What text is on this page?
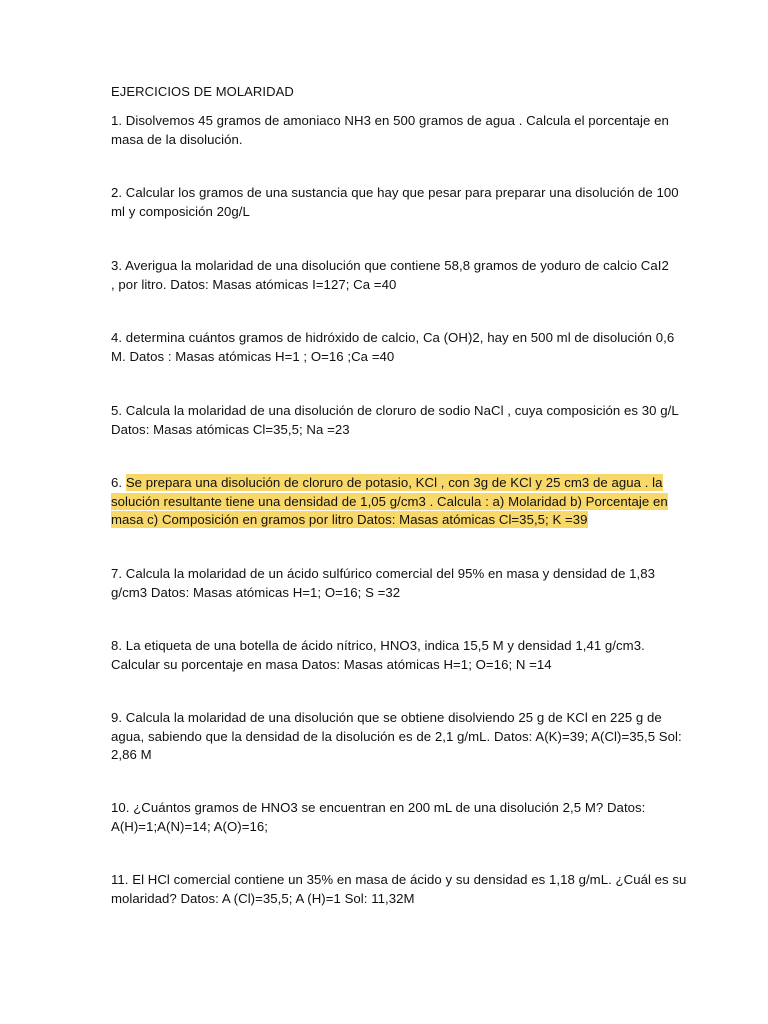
EJERCICIOS DE MOLARIDAD
1. Disolvemos 45 gramos de amoniaco NH3 en 500 gramos de agua . Calcula el porcentaje en
masa de la disolución.
2. Calcular los gramos de una sustancia que hay que pesar para preparar una disolución de 100
ml y composición 20g/L
3. Averigua la molaridad de una disolución que contiene 58,8 gramos de yoduro de calcio CaI2
, por litro. Datos: Masas atómicas I=127; Ca =40
4. determina cuántos gramos de hidróxido de calcio, Ca (OH)2, hay en 500 ml de disolución 0,6
M. Datos : Masas atómicas H=1 ; O=16 ;Ca =40
5. Calcula la molaridad de una disolución de cloruro de sodio NaCl , cuya composición es 30 g/L
Datos: Masas atómicas Cl=35,5; Na =23
6. Se prepara una disolución de cloruro de potasio, KCl , con 3g de KCl y 25 cm3 de agua . la
solución resultante tiene una densidad de 1,05 g/cm3 . Calcula : a) Molaridad b) Porcentaje en
masa c) Composición en gramos por litro Datos: Masas atómicas Cl=35,5; K =39
7. Calcula la molaridad de un ácido sulfúrico comercial del 95% en masa y densidad de 1,83
g/cm3 Datos: Masas atómicas H=1; O=16; S =32
8. La etiqueta de una botella de ácido nítrico, HNO3, indica 15,5 M y densidad 1,41 g/cm3.
Calcular su porcentaje en masa Datos: Masas atómicas H=1; O=16; N =14
9. Calcula la molaridad de una disolución que se obtiene disolviendo 25 g de KCl en 225 g de
agua, sabiendo que la densidad de la disolución es de 2,1 g/mL. Datos: A(K)=39; A(Cl)=35,5 Sol:
2,86 M
10. ¿Cuántos gramos de HNO3 se encuentran en 200 mL de una disolución 2,5 M? Datos:
A(H)=1;A(N)=14; A(O)=16;
11. El HCl comercial contiene un 35% en masa de ácido y su densidad es 1,18 g/mL. ¿Cuál es su
molaridad? Datos: A (Cl)=35,5; A (H)=1 Sol: 11,32M
